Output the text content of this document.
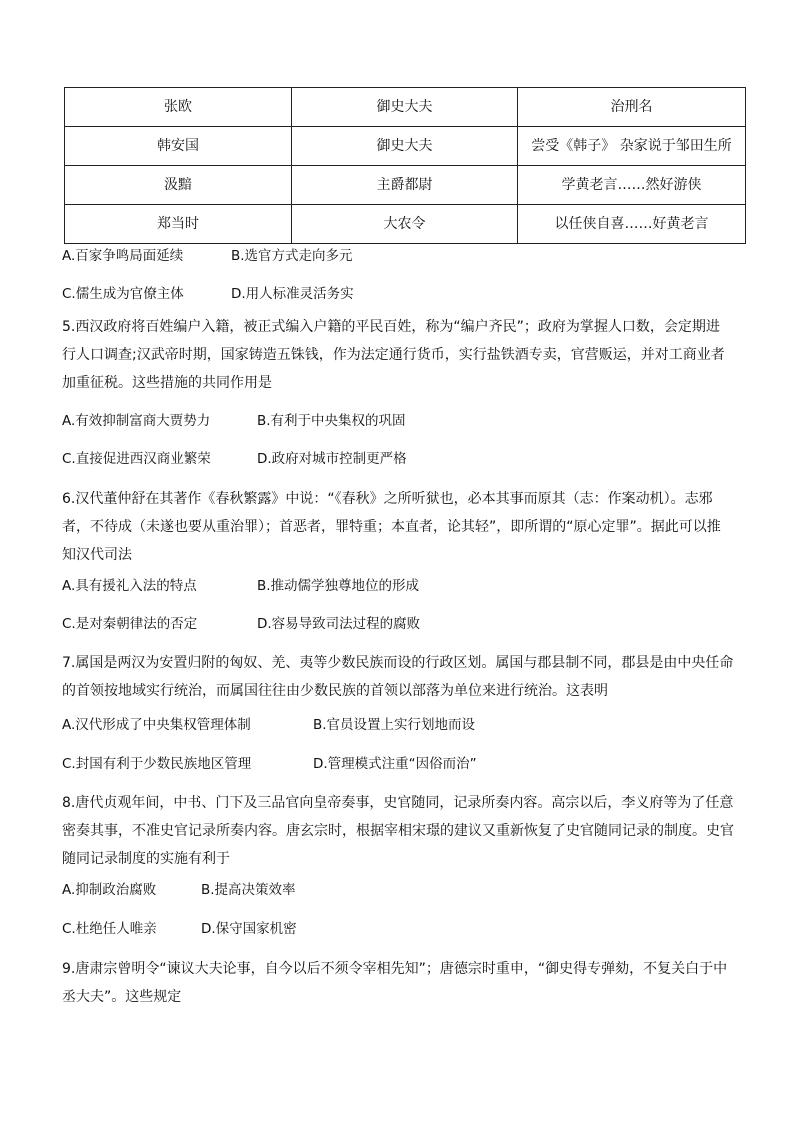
张欧	御史大夫	治刑名
韩安国	御史大夫	尝受《韩子》 杂家说于邹田生所
汲黯	主爵都尉	学黄老言……然好游侠
郑当时	大农令	以任侠自喜……好黄老言
A.百家争鸣局面延续	B.选官方式走向多元
C.儒生成为官僚主体	D.用人标准灵活务实
5.西汉政府将百姓编户入籍，被正式编入户籍的平民百姓，称为“编户齐民”；政府为掌握人口数，会定期进
行人口调查;汉武帝时期，国家铸造五铢钱，作为法定通行货币，实行盐铁酒专卖，官营贩运，并对工商业者
加重征税。这些措施的共同作用是
A.有效抑制富商大贾势力	B.有利于中央集权的巩固
C.直接促进西汉商业繁荣	D.政府对城市控制更严格
6.汉代董仲舒在其著作《春秋繁露》中说：“《春秋》之所听狱也，必本其事而原其（志：作案动机）。志邪
者，不待成（未遂也要从重治罪）；首恶者，罪特重；本直者，论其轻”，即所谓的“原心定罪”。据此可以推
知汉代司法
A.具有援礼入法的特点	B.推动儒学独尊地位的形成
C.是对秦朝律法的否定	D.容易导致司法过程的腐败
7.属国是两汉为安置归附的匈奴、羌、夷等少数民族而设的行政区划。属国与郡县制不同，郡县是由中央任命
的首领按地域实行统治，而属国往往由少数民族的首领以部落为单位来进行统治。这表明
A.汉代形成了中央集权管理体制	B.官员设置上实行划地而设
C.封国有利于少数民族地区管理	D.管理模式注重“因俗而治”
8.唐代贞观年间，中书、门下及三品官向皇帝奏事，史官随同，记录所奏内容。高宗以后，李义府等为了任意
密奏其事，不准史官记录所奏内容。唐玄宗时，根据宰相宋璟的建议又重新恢复了史官随同记录的制度。史官
随同记录制度的实施有利于
A.抑制政治腐败	B.提高决策效率
C.杜绝任人唯亲	D.保守国家机密
9.唐肃宗曾明令“谏议大夫论事，自今以后不须令宰相先知”；唐德宗时重申，“御史得专弹劾，不复关白于中
丞大夫”。这些规定
